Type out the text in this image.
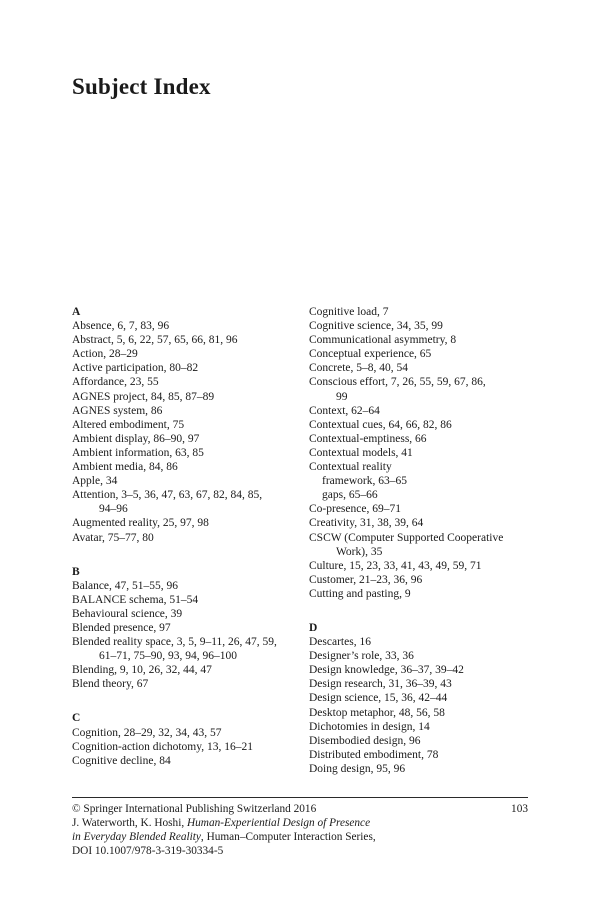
Subject Index
A
Absence, 6, 7, 83, 96
Abstract, 5, 6, 22, 57, 65, 66, 81, 96
Action, 28–29
Active participation, 80–82
Affordance, 23, 55
AGNES project, 84, 85, 87–89
AGNES system, 86
Altered embodiment, 75
Ambient display, 86–90, 97
Ambient information, 63, 85
Ambient media, 84, 86
Apple, 34
Attention, 3–5, 36, 47, 63, 67, 82, 84, 85,
94–96
Augmented reality, 25, 97, 98
Avatar, 75–77, 80
B
Balance, 47, 51–55, 96
BALANCE schema, 51–54
Behavioural science, 39
Blended presence, 97
Blended reality space, 3, 5, 9–11, 26, 47, 59,
61–71, 75–90, 93, 94, 96–100
Blending, 9, 10, 26, 32, 44, 47
Blend theory, 67
C
Cognition, 28–29, 32, 34, 43, 57
Cognition-action dichotomy, 13, 16–21
Cognitive decline, 84
Cognitive load, 7
Cognitive science, 34, 35, 99
Communicational asymmetry, 8
Conceptual experience, 65
Concrete, 5–8, 40, 54
Conscious effort, 7, 26, 55, 59, 67, 86,
99
Context, 62–64
Contextual cues, 64, 66, 82, 86
Contextual-emptiness, 66
Contextual models, 41
Contextual reality
framework, 63–65
gaps, 65–66
Co-presence, 69–71
Creativity, 31, 38, 39, 64
CSCW (Computer Supported Cooperative
Work), 35
Culture, 15, 23, 33, 41, 43, 49, 59, 71
Customer, 21–23, 36, 96
Cutting and pasting, 9
D
Descartes, 16
Designer’s role, 33, 36
Design knowledge, 36–37, 39–42
Design research, 31, 36–39, 43
Design science, 15, 36, 42–44
Desktop metaphor, 48, 56, 58
Dichotomies in design, 14
Disembodied design, 96
Distributed embodiment, 78
Doing design, 95, 96
© Springer International Publishing Switzerland 2016	103
J. Waterworth, K. Hoshi, Human-Experiential Design of Presence
in Everyday Blended Reality, Human–Computer Interaction Series,
DOI 10.1007/978-3-319-30334-5
